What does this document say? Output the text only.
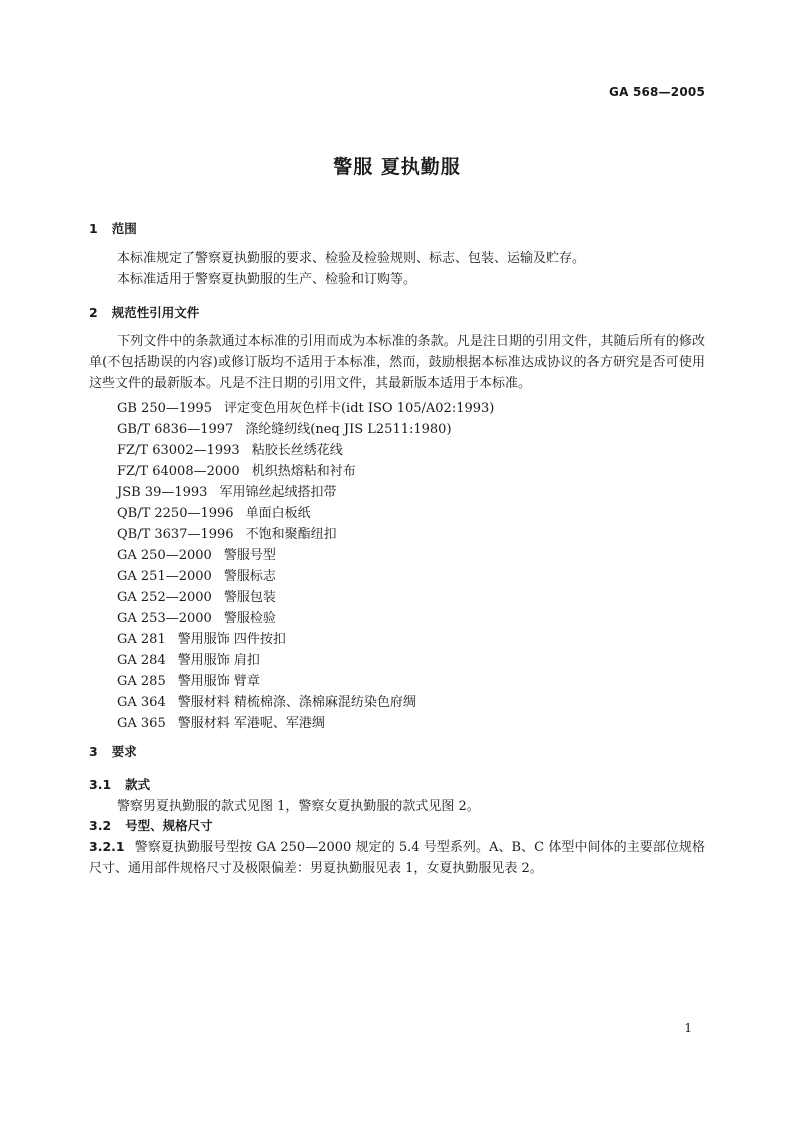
GA 568—2005
警服 夏执勤服
1 范围
本标准规定了警察夏执勤服的要求、检验及检验规则、标志、包装、运输及贮存。
本标准适用于警察夏执勤服的生产、检验和订购等。
2 规范性引用文件
下列文件中的条款通过本标准的引用而成为本标准的条款。凡是注日期的引用文件，其随后所有的修改单(不包括勘误的内容)或修订版均不适用于本标准，然而，鼓励根据本标准达成协议的各方研究是否可使用这些文件的最新版本。凡是不注日期的引用文件，其最新版本适用于本标准。
GB 250—1995 评定变色用灰色样卡(idt ISO 105/A02:1993)
GB/T 6836—1997 涤纶缝纫线(neq JIS L2511:1980)
FZ/T 63002—1993 粘胶长丝绣花线
FZ/T 64008—2000 机织热熔粘和衬布
JSB 39—1993 军用锦丝起绒搭扣带
QB/T 2250—1996 单面白板纸
QB/T 3637—1996 不饱和聚酯纽扣
GA 250—2000 警服号型
GA 251—2000 警服标志
GA 252—2000 警服包装
GA 253—2000 警服检验
GA 281 警用服饰 四件按扣
GA 284 警用服饰 肩扣
GA 285 警用服饰 臂章
GA 364 警服材料 精梳棉涤、涤棉麻混纺染色府绸
GA 365 警服材料 军港呢、军港绸
3 要求
3.1 款式
警察男夏执勤服的款式见图 1，警察女夏执勤服的款式见图 2。
3.2 号型、规格尺寸
3.2.1 警察夏执勤服号型按 GA 250—2000 规定的 5.4 号型系列。A、B、C 体型中间体的主要部位规格尺寸、通用部件规格尺寸及极限偏差：男夏执勤服见表 1，女夏执勤服见表 2。
1
